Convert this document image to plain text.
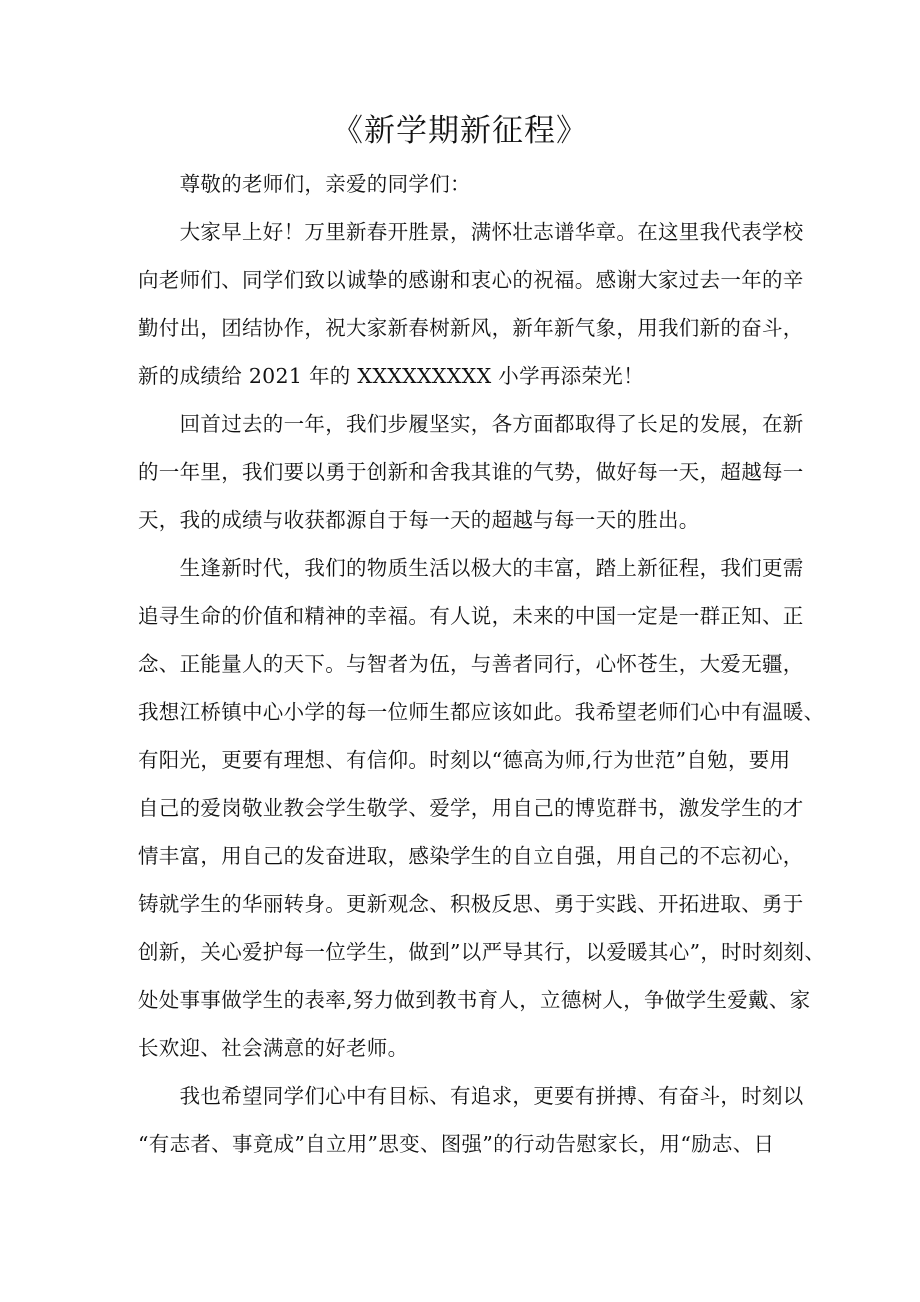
《新学期新征程》

　　尊敬的老师们，亲爱的同学们：

　　大家早上好！万里新春开胜景，满怀壮志谱华章。在这里我代表学校
向老师们、同学们致以诚挚的感谢和衷心的祝福。感谢大家过去一年的辛
勤付出，团结协作，祝大家新春树新风，新年新气象，用我们新的奋斗，
新的成绩给 2021 年的 XXXXXXXXX 小学再添荣光！

　　回首过去的一年，我们步履坚实，各方面都取得了长足的发展，在新
的一年里，我们要以勇于创新和舍我其谁的气势，做好每一天，超越每一
天，我的成绩与收获都源自于每一天的超越与每一天的胜出。

　　生逢新时代，我们的物质生活以极大的丰富，踏上新征程，我们更需
追寻生命的价值和精神的幸福。有人说，未来的中国一定是一群正知、正
念、正能量人的天下。与智者为伍，与善者同行，心怀苍生，大爱无疆，
我想江桥镇中心小学的每一位师生都应该如此。我希望老师们心中有温暖、
有阳光，更要有理想、有信仰。时刻以“德高为师,行为世范”自勉，要用
自己的爱岗敬业教会学生敬学、爱学，用自己的博览群书，激发学生的才
情丰富，用自己的发奋进取，感染学生的自立自强，用自己的不忘初心，
铸就学生的华丽转身。更新观念、积极反思、勇于实践、开拓进取、勇于
创新，关心爱护每一位学生，做到”以严导其行，以爱暖其心”，时时刻刻、
处处事事做学生的表率,努力做到教书育人，立德树人，争做学生爱戴、家
长欢迎、社会满意的好老师。

　　我也希望同学们心中有目标、有追求，更要有拼搏、有奋斗，时刻以
“有志者、事竟成”自立用”思变、图强”的行动告慰家长，用“励志、日
